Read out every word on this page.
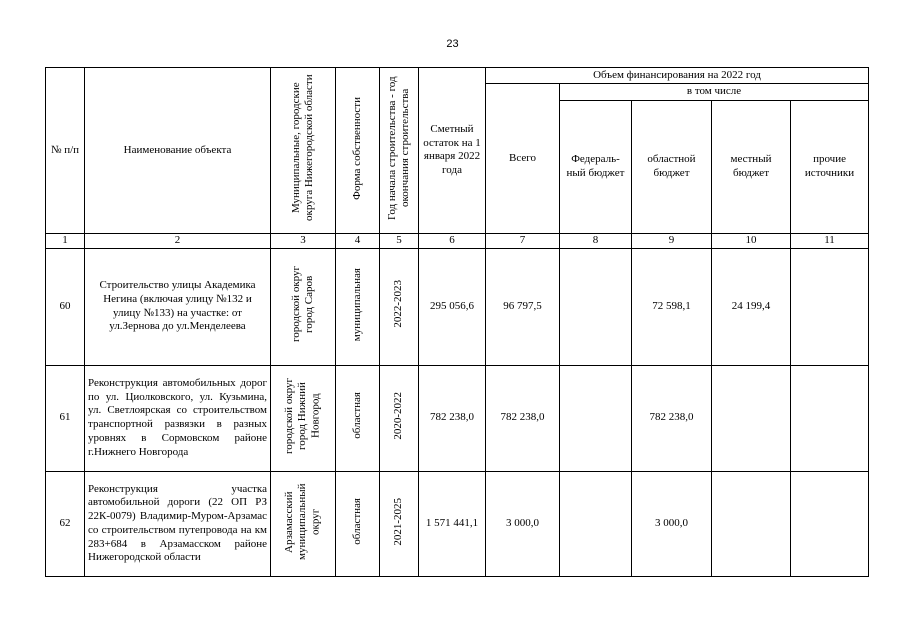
23
№ п/п	Наименование объекта	Муниципальные, городские округа Нижегородской области	Форма собственности	Год начала строительства - год окончания строительства	Сметный остаток на 1 января 2022 года	Объем финансирования на 2022 год				
						Всего	в том числе			
							Федераль-ный бюджет	областной бюджет	местный бюджет	прочие источники
1	2	3	4	5	6	7	8	9	10	11
60	Строительство улицы Академика Негина (включая улицу №132 и улицу №133) на участке: от ул.Зернова до ул.Менделеева	городской округ город Саров	муниципальная	2022-2023	295 056,6	96 797,5		72 598,1	24 199,4	
61	Реконструкция автомобильных дорог по ул. Циолковского, ул. Кузьмина, ул. Светлоярская со строительством транспортной развязки в разных уровнях в Сормовском районе г.Нижнего Новгорода	городской округ город Нижний Новгород	областная	2020-2022	782 238,0	782 238,0		782 238,0		
62	Реконструкция участка автомобильной дороги (22 ОП РЗ 22К-0079) Владимир-Муром-Арзамас со строительством путепровода на км 283+684 в Арзамасском районе Нижегородской области	Арзамасский муниципальный округ	областная	2021-2025	1 571 441,1	3 000,0		3 000,0		
